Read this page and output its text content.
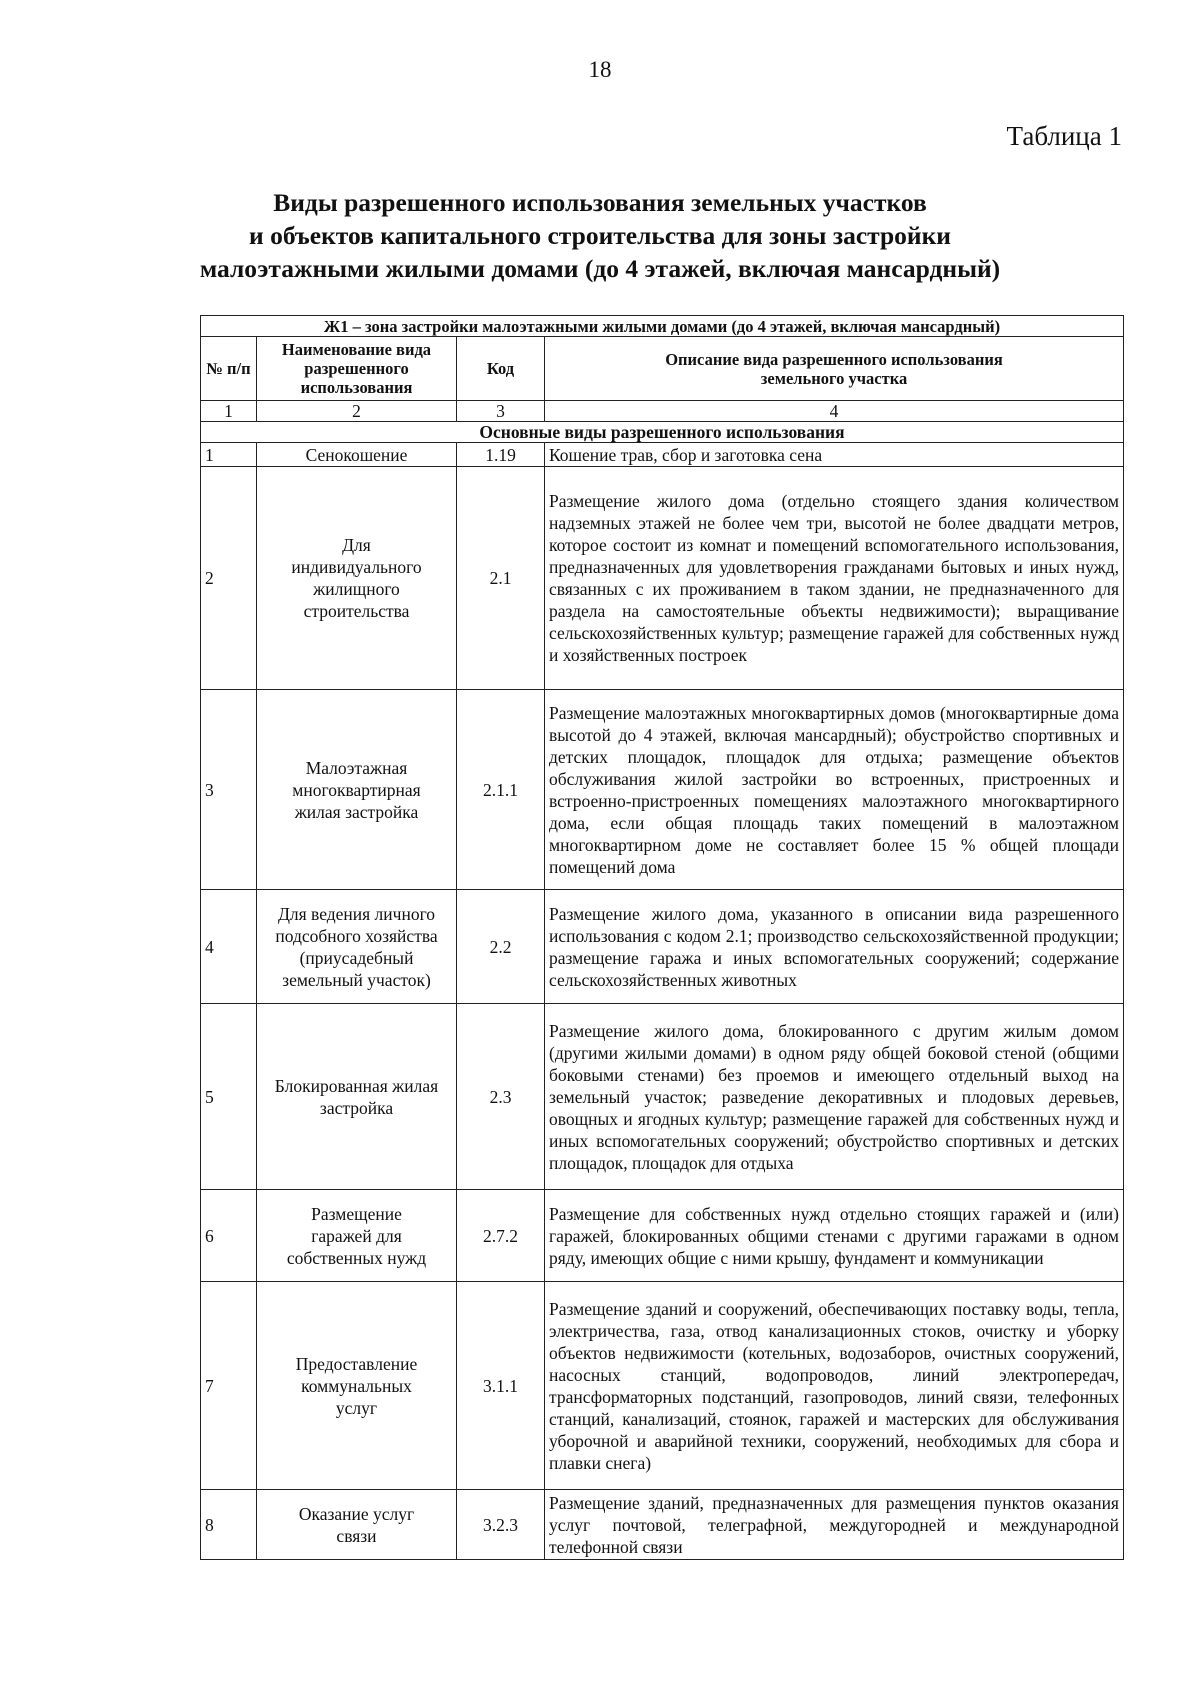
18
Таблица 1
Виды разрешенного использования земельных участков
и объектов капитального строительства для зоны застройки
малоэтажными жилыми домами (до 4 этажей, включая мансардный)
Ж1 – зона застройки малоэтажными жилыми домами (до 4 этажей, включая мансардный)			
№ п/п	Наименование вида разрешенного использования	Код	Описание вида разрешенного использования земельного участка
1	2	3	4
Основные виды разрешенного использования			
1	Сенокошение	1.19	Кошение трав, сбор и заготовка сена
2	Для индивидуального жилищного строительства	2.1	Размещение жилого дома (отдельно стоящего здания количеством надземных этажей не более чем три, высотой не более двадцати метров, которое состоит из комнат и помещений вспомогательного использования, предназначенных для удовлетворения гражданами бытовых и иных нужд, связанных с их проживанием в таком здании, не предназначенного для раздела на самостоятельные объекты недвижимости); выращивание сельскохозяйственных культур; размещение гаражей для собственных нужд и хозяйственных построек
3	Малоэтажная многоквартирная жилая застройка	2.1.1	Размещение малоэтажных многоквартирных домов (многоквартирные дома высотой до 4 этажей, включая мансардный); обустройство спортивных и детских площадок, площадок для отдыха; размещение объектов обслуживания жилой застройки во встроенных, пристроенных и встроенно-пристроенных помещениях малоэтажного многоквартирного дома, если общая площадь таких помещений в малоэтажном многоквартирном доме не составляет более 15 % общей площади помещений дома
4	Для ведения личного подсобного хозяйства (приусадебный земельный участок)	2.2	Размещение жилого дома, указанного в описании вида разрешенного использования с кодом 2.1; производство сельскохозяйственной продукции; размещение гаража и иных вспомогательных сооружений; содержание сельскохозяйственных животных
5	Блокированная жилая застройка	2.3	Размещение жилого дома, блокированного с другим жилым домом (другими жилыми домами) в одном ряду общей боковой стеной (общими боковыми стенами) без проемов и имеющего отдельный выход на земельный участок; разведение декоративных и плодовых деревьев, овощных и ягодных культур; размещение гаражей для собственных нужд и иных вспомогательных сооружений; обустройство спортивных и детских площадок, площадок для отдыха
6	Размещение гаражей для собственных нужд	2.7.2	Размещение для собственных нужд отдельно стоящих гаражей и (или) гаражей, блокированных общими стенами с другими гаражами в одном ряду, имеющих общие с ними крышу, фундамент и коммуникации
7	Предоставление коммунальных услуг	3.1.1	Размещение зданий и сооружений, обеспечивающих поставку воды, тепла, электричества, газа, отвод канализационных стоков, очистку и уборку объектов недвижимости (котельных, водозаборов, очистных сооружений, насосных станций, водопроводов, линий электропередач, трансформаторных подстанций, газопроводов, линий связи, телефонных станций, канализаций, стоянок, гаражей и мастерских для обслуживания уборочной и аварийной техники, сооружений, необходимых для сбора и плавки снега)
8	Оказание услуг связи	3.2.3	Размещение зданий, предназначенных для размещения пунктов оказания услуг почтовой, телеграфной, междугородней и международной телефонной связи
